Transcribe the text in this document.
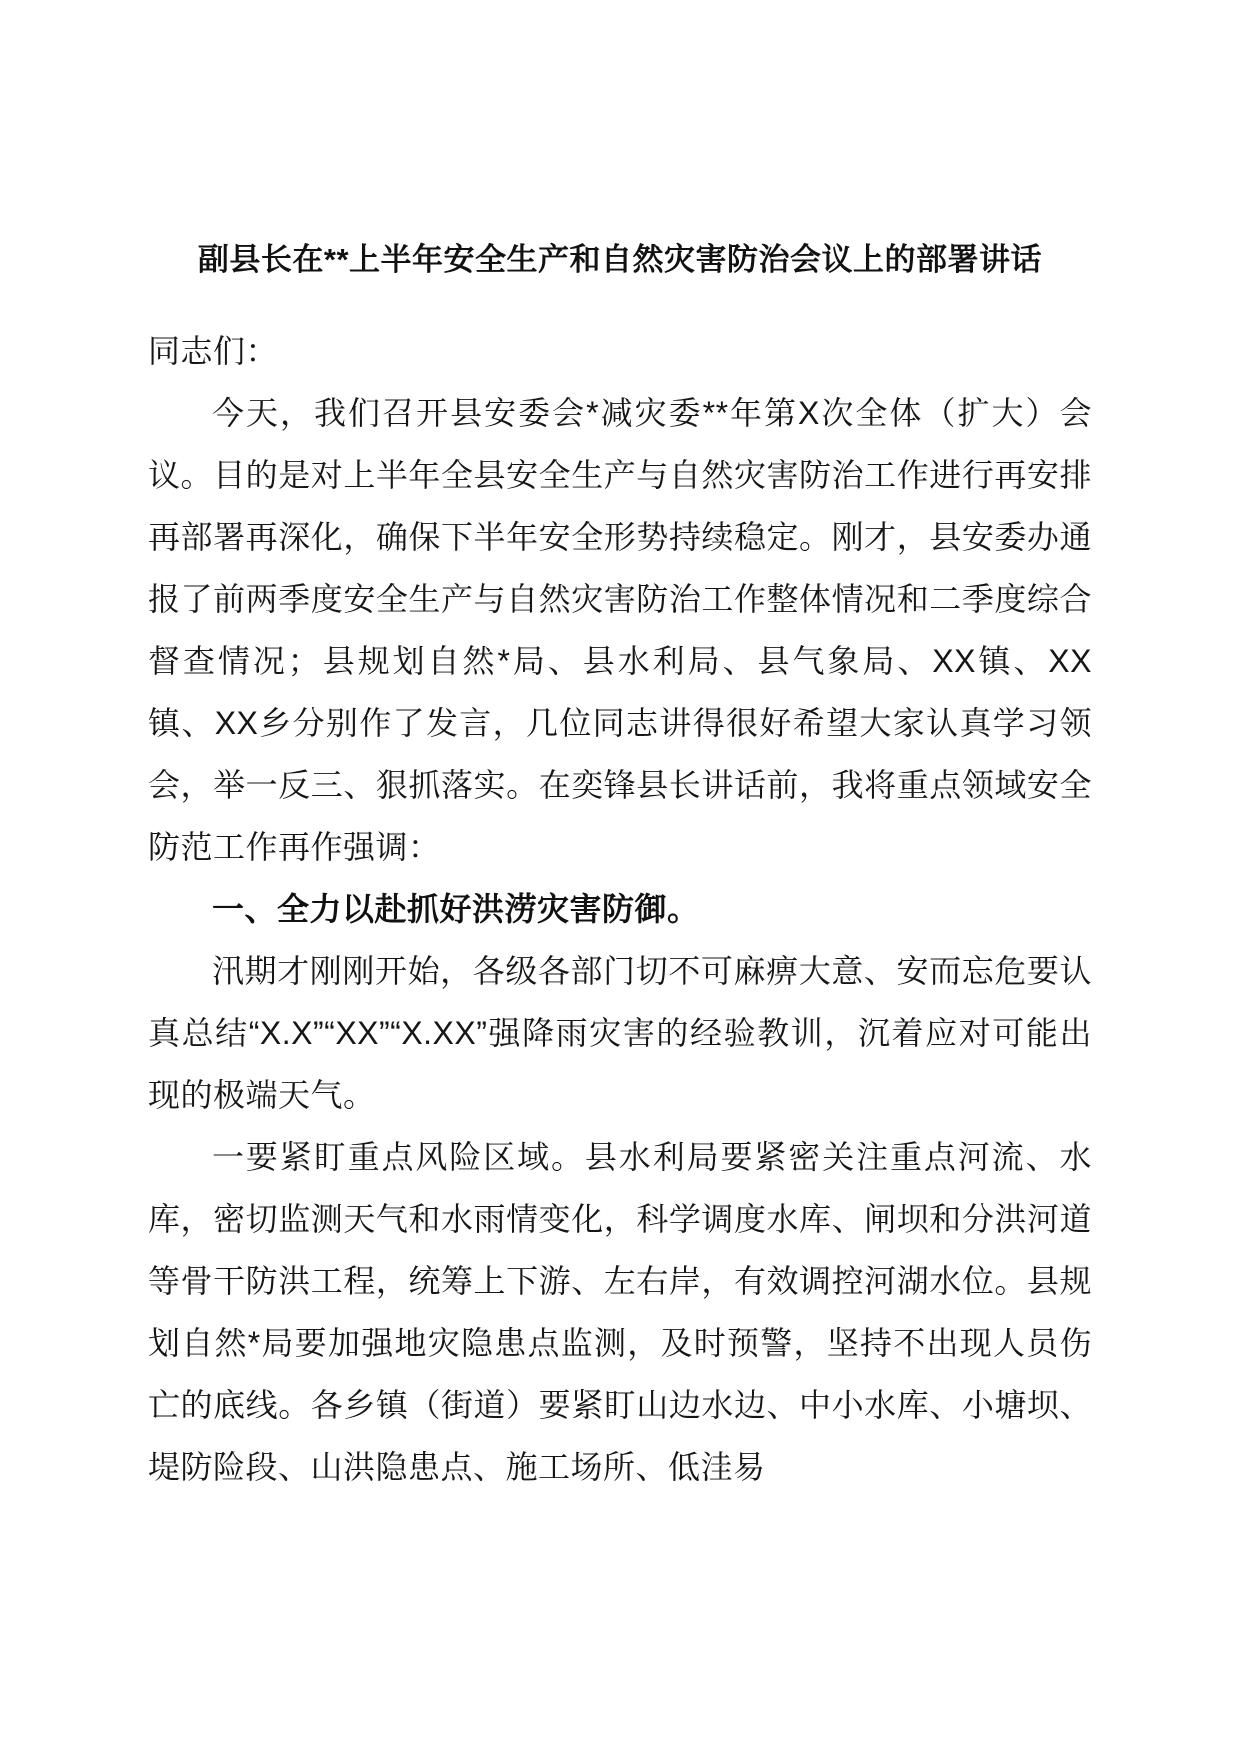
副县长在**上半年安全生产和自然灾害防治会议上的部署讲话

同志们：

今天，我们召开县安委会*减灾委**年第X次全体（扩大）会议。目的是对上半年全县安全生产与自然灾害防治工作进行再安排再部署再深化，确保下半年安全形势持续稳定。刚才，县安委办通报了前两季度安全生产与自然灾害防治工作整体情况和二季度综合督查情况；县规划自然*局、县水利局、县气象局、XX镇、XX镇、XX乡分别作了发言，几位同志讲得很好希望大家认真学习领会，举一反三、狠抓落实。在奕锋县长讲话前，我将重点领域安全防范工作再作强调：

一、全力以赴抓好洪涝灾害防御。

汛期才刚刚开始，各级各部门切不可麻痹大意、安而忘危要认真总结“X.X”“XX”“X.XX”强降雨灾害的经验教训，沉着应对可能出现的极端天气。

一要紧盯重点风险区域。县水利局要紧密关注重点河流、水库，密切监测天气和水雨情变化，科学调度水库、闸坝和分洪河道等骨干防洪工程，统筹上下游、左右岸，有效调控河湖水位。县规划自然*局要加强地灾隐患点监测，及时预警，坚持不出现人员伤亡的底线。各乡镇（街道）要紧盯山边水边、中小水库、小塘坝、堤防险段、山洪隐患点、施工场所、低洼易
